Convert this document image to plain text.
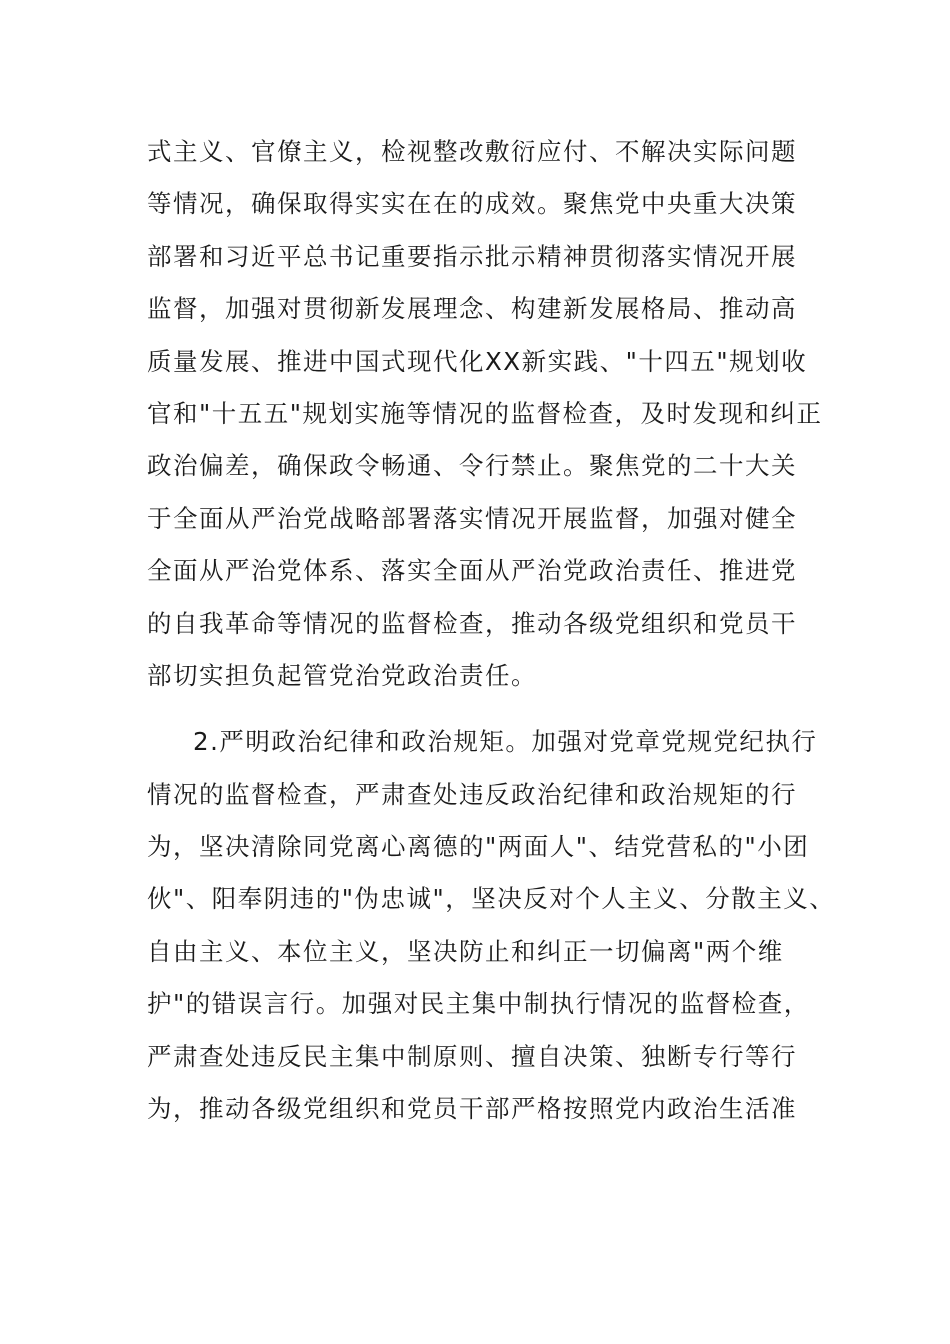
式主义、官僚主义，检视整改敷衍应付、不解决实际问题
等情况，确保取得实实在在的成效。聚焦党中央重大决策
部署和习近平总书记重要指示批示精神贯彻落实情况开展
监督，加强对贯彻新发展理念、构建新发展格局、推动高
质量发展、推进中国式现代化XX新实践、"十四五"规划收
官和"十五五"规划实施等情况的监督检查，及时发现和纠正
政治偏差，确保政令畅通、令行禁止。聚焦党的二十大关
于全面从严治党战略部署落实情况开展监督，加强对健全
全面从严治党体系、落实全面从严治党政治责任、推进党
的自我革命等情况的监督检查，推动各级党组织和党员干
部切实担负起管党治党政治责任。
2.严明政治纪律和政治规矩。加强对党章党规党纪执行
情况的监督检查，严肃查处违反政治纪律和政治规矩的行
为，坚决清除同党离心离德的"两面人"、结党营私的"小团
伙"、阳奉阴违的"伪忠诚"，坚决反对个人主义、分散主义、
自由主义、本位主义，坚决防止和纠正一切偏离"两个维
护"的错误言行。加强对民主集中制执行情况的监督检查，
严肃查处违反民主集中制原则、擅自决策、独断专行等行
为，推动各级党组织和党员干部严格按照党内政治生活准
